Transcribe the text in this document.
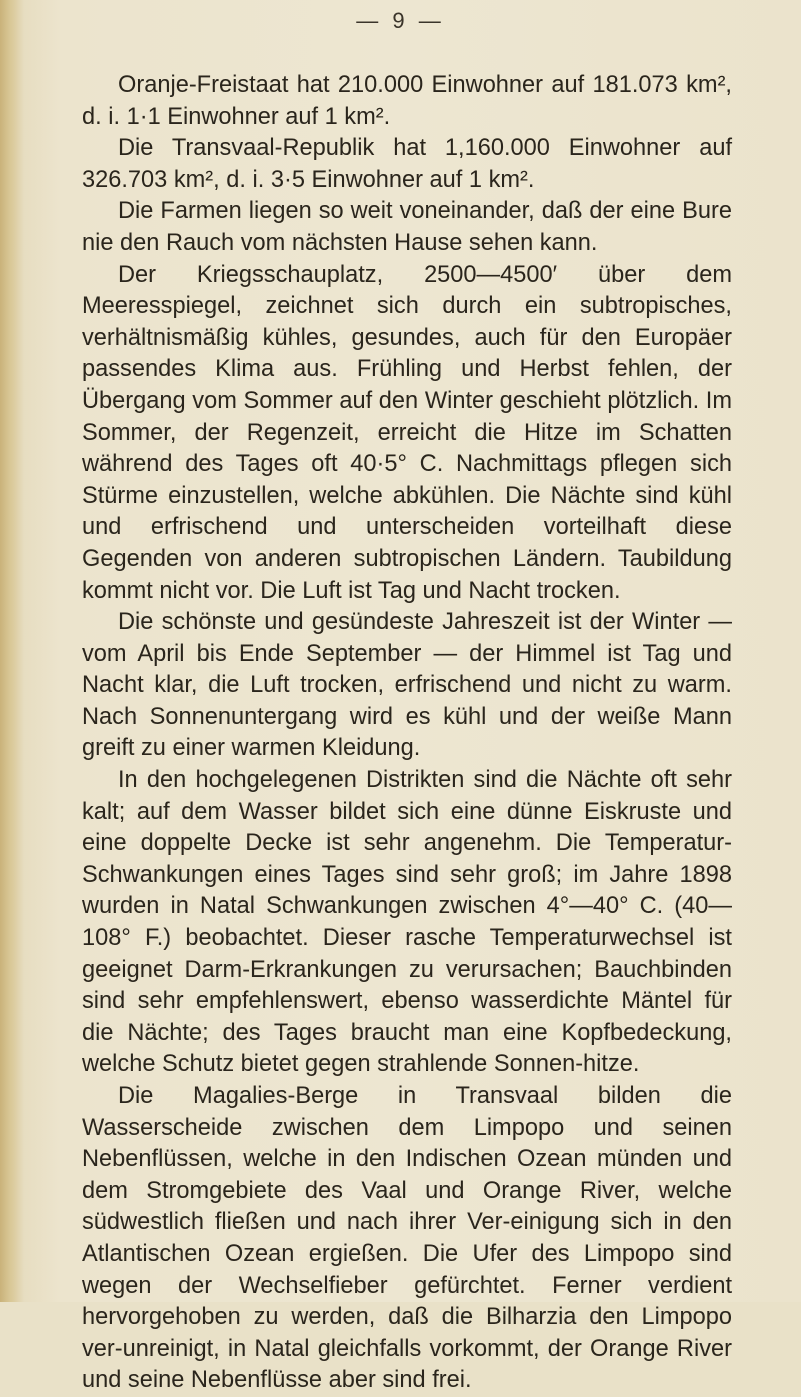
— 9 —

Oranje-Freistaat hat 210.000 Einwohner auf 181.073 km², d. i. 1·1 Einwohner auf 1 km².

Die Transvaal-Republik hat 1,160.000 Einwohner auf 326.703 km², d. i. 3·5 Einwohner auf 1 km².

Die Farmen liegen so weit voneinander, daß der eine Bure nie den Rauch vom nächsten Hause sehen kann.

Der Kriegsschauplatz, 2500—4500′ über dem Meeresspiegel, zeichnet sich durch ein subtropisches, verhältnismäßig kühles, gesundes, auch für den Europäer passendes Klima aus. Frühling und Herbst fehlen, der Übergang vom Sommer auf den Winter geschieht plötzlich. Im Sommer, der Regenzeit, erreicht die Hitze im Schatten während des Tages oft 40·5° C. Nachmittags pflegen sich Stürme einzustellen, welche abkühlen. Die Nächte sind kühl und erfrischend und unterscheiden vorteilhaft diese Gegenden von anderen subtropischen Ländern. Taubildung kommt nicht vor. Die Luft ist Tag und Nacht trocken.

Die schönste und gesündeste Jahreszeit ist der Winter — vom April bis Ende September — der Himmel ist Tag und Nacht klar, die Luft trocken, erfrischend und nicht zu warm. Nach Sonnenuntergang wird es kühl und der weiße Mann greift zu einer warmen Kleidung.

In den hochgelegenen Distrikten sind die Nächte oft sehr kalt; auf dem Wasser bildet sich eine dünne Eiskruste und eine doppelte Decke ist sehr angenehm. Die Temperatur-Schwankungen eines Tages sind sehr groß; im Jahre 1898 wurden in Natal Schwankungen zwischen 4°—40° C. (40—108° F.) beobachtet. Dieser rasche Temperaturwechsel ist geeignet Darm-Erkrankungen zu verursachen; Bauchbinden sind sehr empfehlenswert, ebenso wasserdichte Mäntel für die Nächte; des Tages braucht man eine Kopfbedeckung, welche Schutz bietet gegen strahlende Sonnen-hitze.

Die Magalies-Berge in Transvaal bilden die Wasserscheide zwischen dem Limpopo und seinen Nebenflüssen, welche in den Indischen Ozean münden und dem Stromgebiete des Vaal und Orange River, welche südwestlich fließen und nach ihrer Ver-einigung sich in den Atlantischen Ozean ergießen. Die Ufer des Limpopo sind wegen der Wechselfieber gefürchtet. Ferner verdient hervorgehoben zu werden, daß die Bilharzia den Limpopo ver-unreinigt, in Natal gleichfalls vorkommt, der Orange River und seine Nebenflüsse aber sind frei.
